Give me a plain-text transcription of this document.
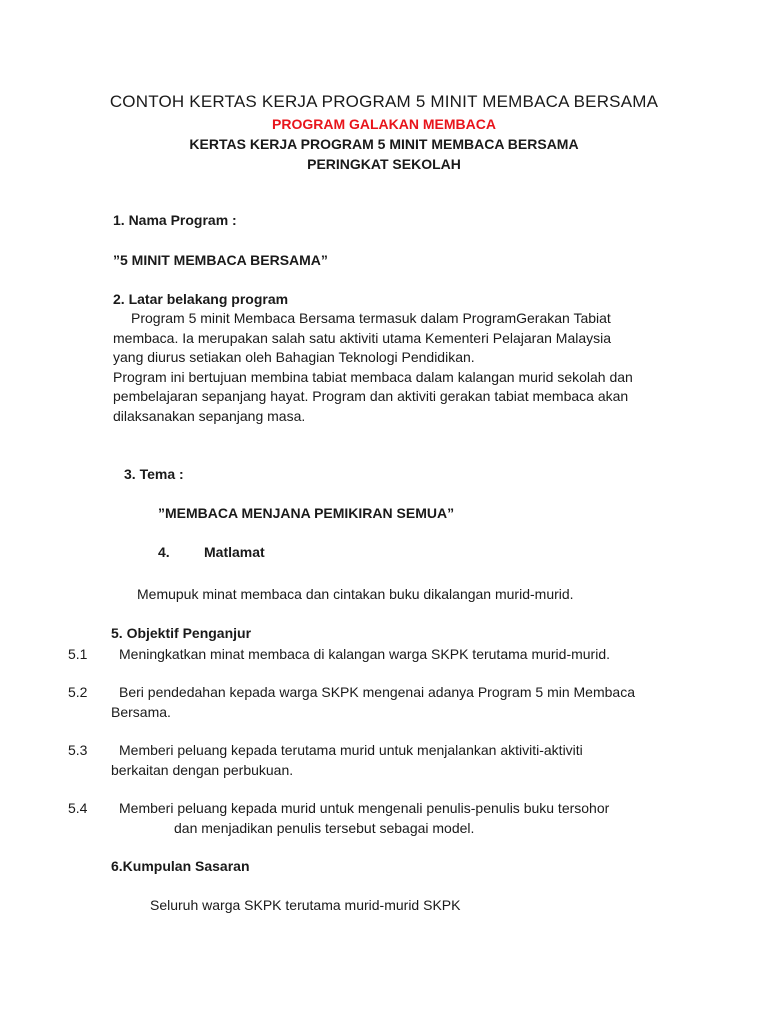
CONTOH KERTAS KERJA PROGRAM 5 MINIT MEMBACA BERSAMA

PROGRAM GALAKAN MEMBACA

KERTAS KERJA PROGRAM 5 MINIT MEMBACA BERSAMA

PERINGKAT SEKOLAH

1. Nama Program :

”5 MINIT MEMBACA BERSAMA”

2. Latar belakang program

Program 5 minit Membaca Bersama termasuk dalam ProgramGerakan Tabiat

membaca. Ia merupakan salah satu aktiviti utama Kementeri Pelajaran Malaysia

yang diurus setiakan oleh Bahagian Teknologi Pendidikan.

Program ini bertujuan membina tabiat membaca dalam kalangan murid sekolah dan

pembelajaran sepanjang hayat. Program dan aktiviti gerakan tabiat membaca akan

dilaksanakan sepanjang masa.

3. Tema :

”MEMBACA MENJANA PEMIKIRAN SEMUA”

4. Matlamat

Memupuk minat membaca dan cintakan buku dikalangan murid-murid.

5. Objektif Penganjur

5.1 Meningkatkan minat membaca di kalangan warga SKPK terutama murid-murid.

5.2 Beri pendedahan kepada warga SKPK mengenai adanya Program 5 min Membaca

Bersama.

5.3 Memberi peluang kepada terutama murid untuk menjalankan aktiviti-aktiviti

berkaitan dengan perbukuan.

5.4 Memberi peluang kepada murid untuk mengenali penulis-penulis buku tersohor

dan menjadikan penulis tersebut sebagai model.

6.Kumpulan Sasaran

Seluruh warga SKPK terutama murid-murid SKPK
